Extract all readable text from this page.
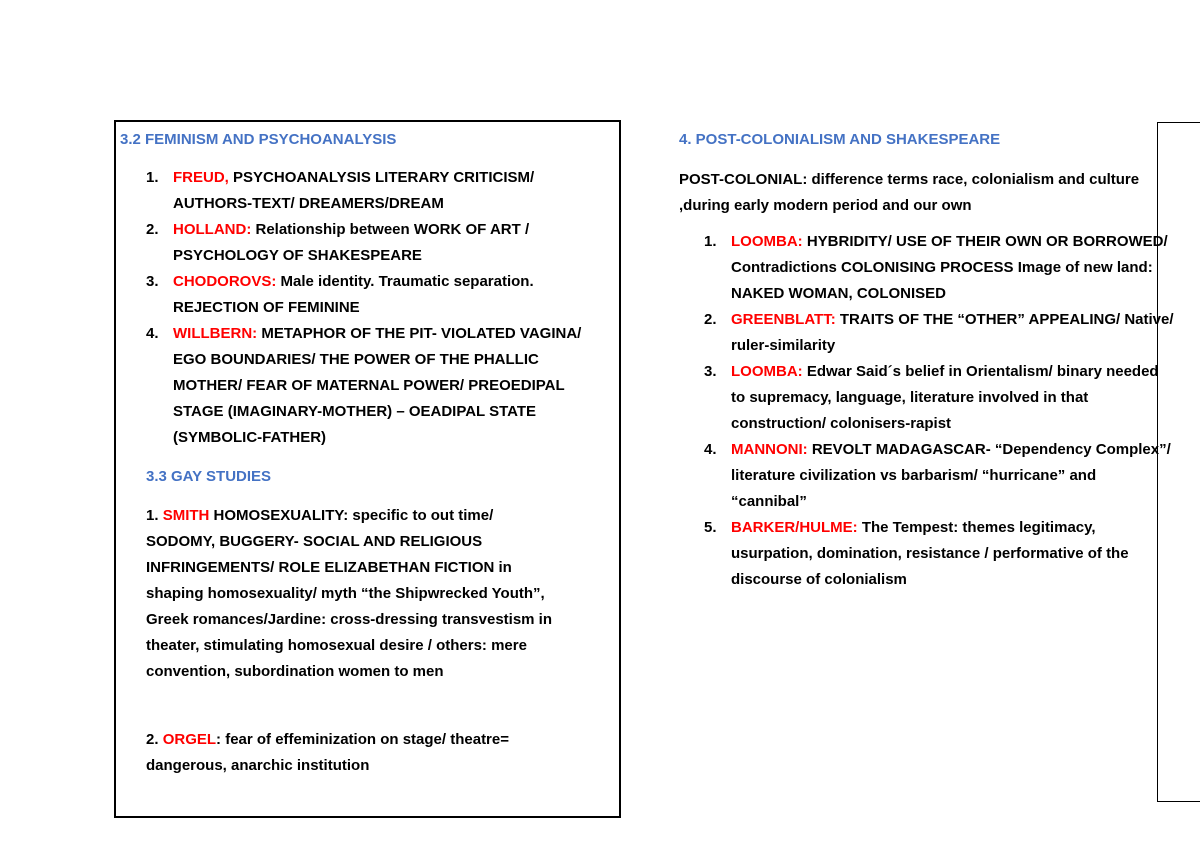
3.2 FEMINISM AND PSYCHOANALYSIS
1. FREUD, PSYCHOANALYSIS LITERARY CRITICISM/ AUTHORS-TEXT/ DREAMERS/DREAM
2. HOLLAND: Relationship between WORK OF ART / PSYCHOLOGY OF SHAKESPEARE
3. CHODOROVS: Male identity. Traumatic separation. REJECTION OF FEMININE
4. WILLBERN: METAPHOR OF THE PIT- VIOLATED VAGINA/ EGO BOUNDARIES/ THE POWER OF THE PHALLIC MOTHER/ FEAR OF MATERNAL POWER/ PREOEDIPAL STAGE (IMAGINARY-MOTHER) – OEADIPAL STATE (SYMBOLIC-FATHER)
3.3 GAY STUDIES
1. SMITH HOMOSEXUALITY: specific to out time/ SODOMY, BUGGERY- SOCIAL AND RELIGIOUS INFRINGEMENTS/ ROLE ELIZABETHAN FICTION in shaping homosexuality/ myth “the Shipwrecked Youth”, Greek romances/Jardine: cross-dressing transvestism in theater, stimulating homosexual desire / others: mere convention, subordination women to men
2. ORGEL: fear of effeminization on stage/ theatre= dangerous, anarchic institution
4. POST-COLONIALISM AND SHAKESPEARE
POST-COLONIAL: difference terms race, colonialism and culture ,during early modern period and our own
1. LOOMBA: HYBRIDITY/ USE OF THEIR OWN OR BORROWED/ Contradictions COLONISING PROCESS Image of new land: NAKED WOMAN, COLONISED
2. GREENBLATT: TRAITS OF THE “OTHER” APPEALING/ Native/ ruler-similarity
3. LOOMBA: Edwar Said´s belief in Orientalism/ binary needed to supremacy, language, literature involved in that construction/ colonisers-rapist
4. MANNONI: REVOLT MADAGASCAR- “Dependency Complex”/ literature civilization vs barbarism/ “hurricane” and “cannibal”
5. BARKER/HULME: The Tempest: themes legitimacy, usurpation, domination, resistance / performative of the discourse of colonialism
